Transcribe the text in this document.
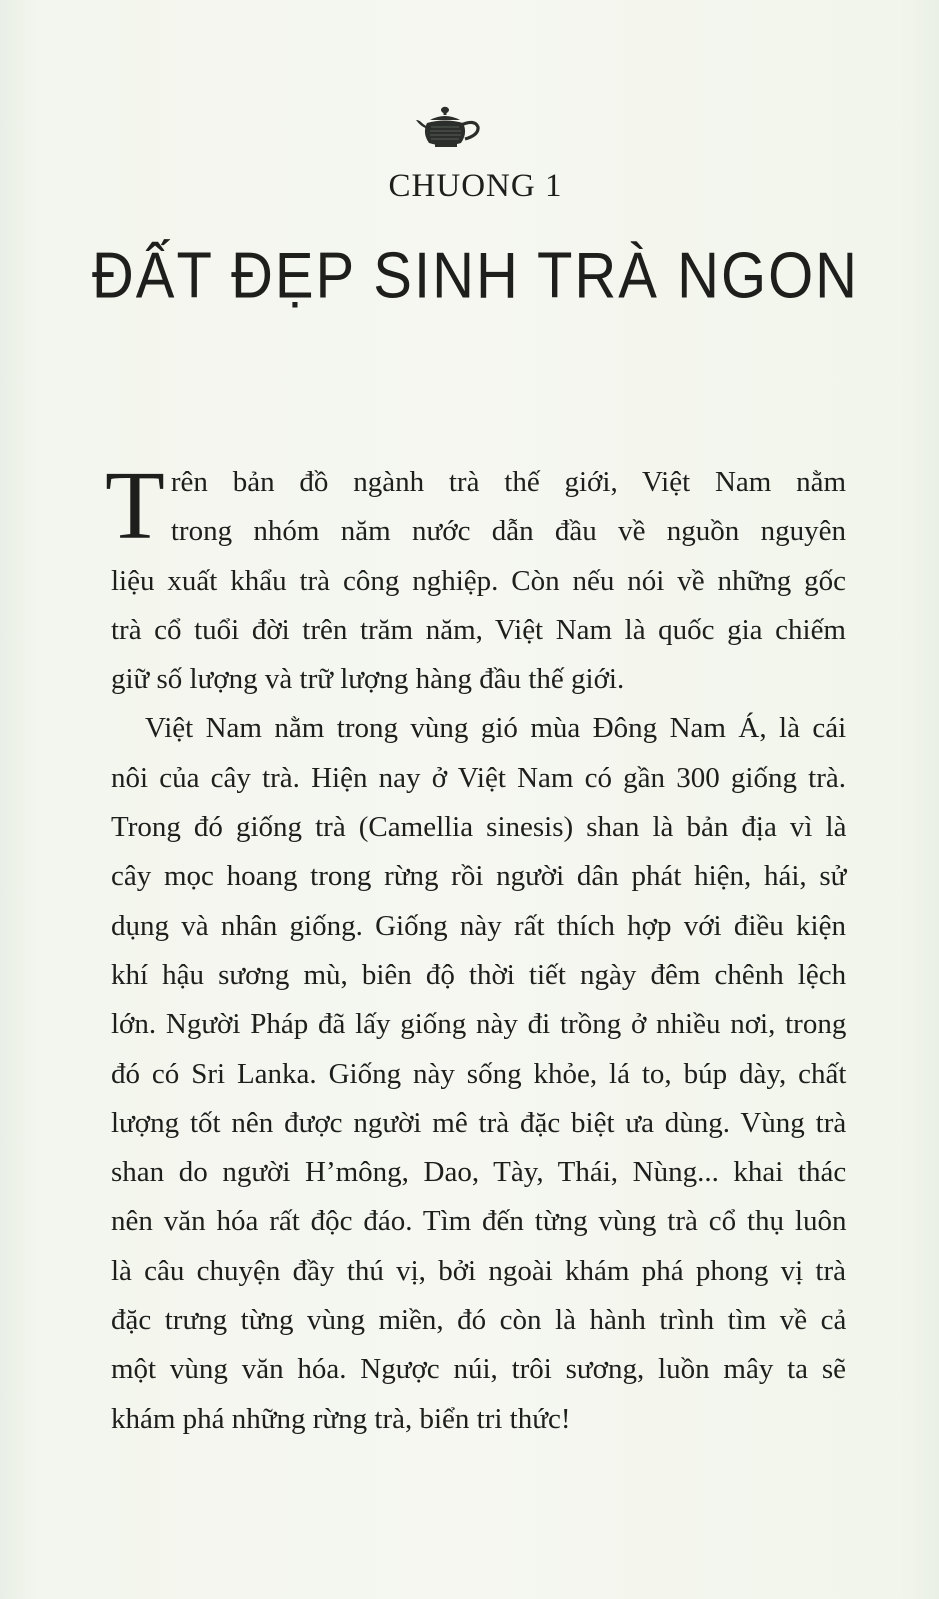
CHUONG 1
ĐẤT ĐẸP SINH TRÀ NGON
T rên bản đồ ngành trà thế giới, Việt Nam nằm
trong nhóm năm nước dẫn đầu về nguồn nguyên
liệu xuất khẩu trà công nghiệp. Còn nếu nói về những gốc
trà cổ tuổi đời trên trăm năm, Việt Nam là quốc gia chiếm
giữ số lượng và trữ lượng hàng đầu thế giới.
Việt Nam nằm trong vùng gió mùa Đông Nam Á, là cái
nôi của cây trà. Hiện nay ở Việt Nam có gần 300 giống trà.
Trong đó giống trà (Camellia sinesis) shan là bản địa vì là
cây mọc hoang trong rừng rồi người dân phát hiện, hái, sử
dụng và nhân giống. Giống này rất thích hợp với điều kiện
khí hậu sương mù, biên độ thời tiết ngày đêm chênh lệch
lớn. Người Pháp đã lấy giống này đi trồng ở nhiều nơi, trong
đó có Sri Lanka. Giống này sống khỏe, lá to, búp dày, chất
lượng tốt nên được người mê trà đặc biệt ưa dùng. Vùng trà
shan do người H’mông, Dao, Tày, Thái, Nùng... khai thác
nên văn hóa rất độc đáo. Tìm đến từng vùng trà cổ thụ luôn
là câu chuyện đầy thú vị, bởi ngoài khám phá phong vị trà
đặc trưng từng vùng miền, đó còn là hành trình tìm về cả
một vùng văn hóa. Ngược núi, trôi sương, luồn mây ta sẽ
khám phá những rừng trà, biển tri thức!
